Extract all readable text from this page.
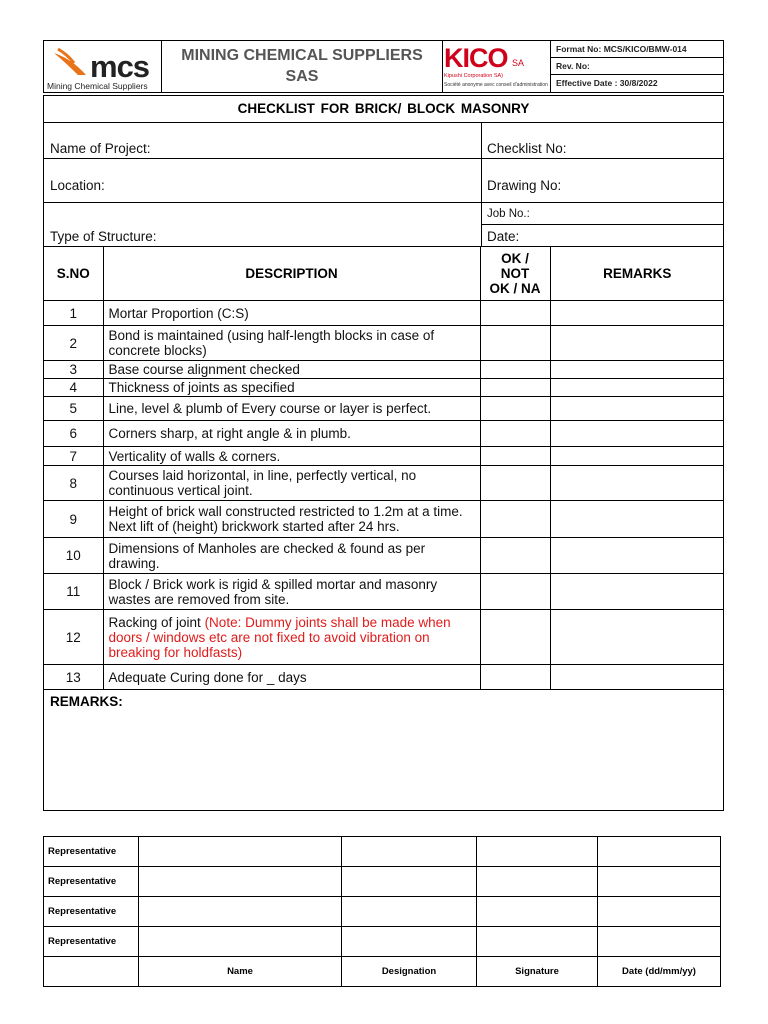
mcs
Mining Chemical Suppliers
MINING CHEMICAL SUPPLIERS
SAS
KICO SA
Kipushi Corporation SA)
Société anonyme avec conseil d'administration
Format No: MCS/KICO/BMW-014
Rev. No:
Effective Date : 30/8/2022
CHECKLIST FOR BRICK/ BLOCK MASONRY
Name of Project:	Checklist No:
Location:	Drawing No:
Job No.:
Type of Structure:	Date:
S.NO	DESCRIPTION	OK /
NOT
OK / NA	REMARKS
1	Mortar Proportion (C:S)		
2	Bond is maintained (using half-length blocks in case of concrete blocks)		
3	Base course alignment checked		
4	Thickness of joints as specified		
5	Line, level & plumb of Every course or layer is perfect.		
6	Corners sharp, at right angle & in plumb.		
7	Verticality of walls & corners.		
8	Courses laid horizontal, in line, perfectly vertical, no continuous vertical joint.		
9	Height of brick wall constructed restricted to 1.2m at a time. Next lift of (height) brickwork started after 24 hrs.		
10	Dimensions of Manholes are checked & found as per drawing.		
11	Block / Brick work is rigid & spilled mortar and masonry wastes are removed from site.		
12	Racking of joint (Note: Dummy joints shall be made when doors / windows etc are not fixed to avoid vibration on breaking for holdfasts)		
13	Adequate Curing done for _ days		
REMARKS:
Representative				
Representative				
Representative				
Representative				
	Name	Designation	Signature	Date (dd/mm/yy)
